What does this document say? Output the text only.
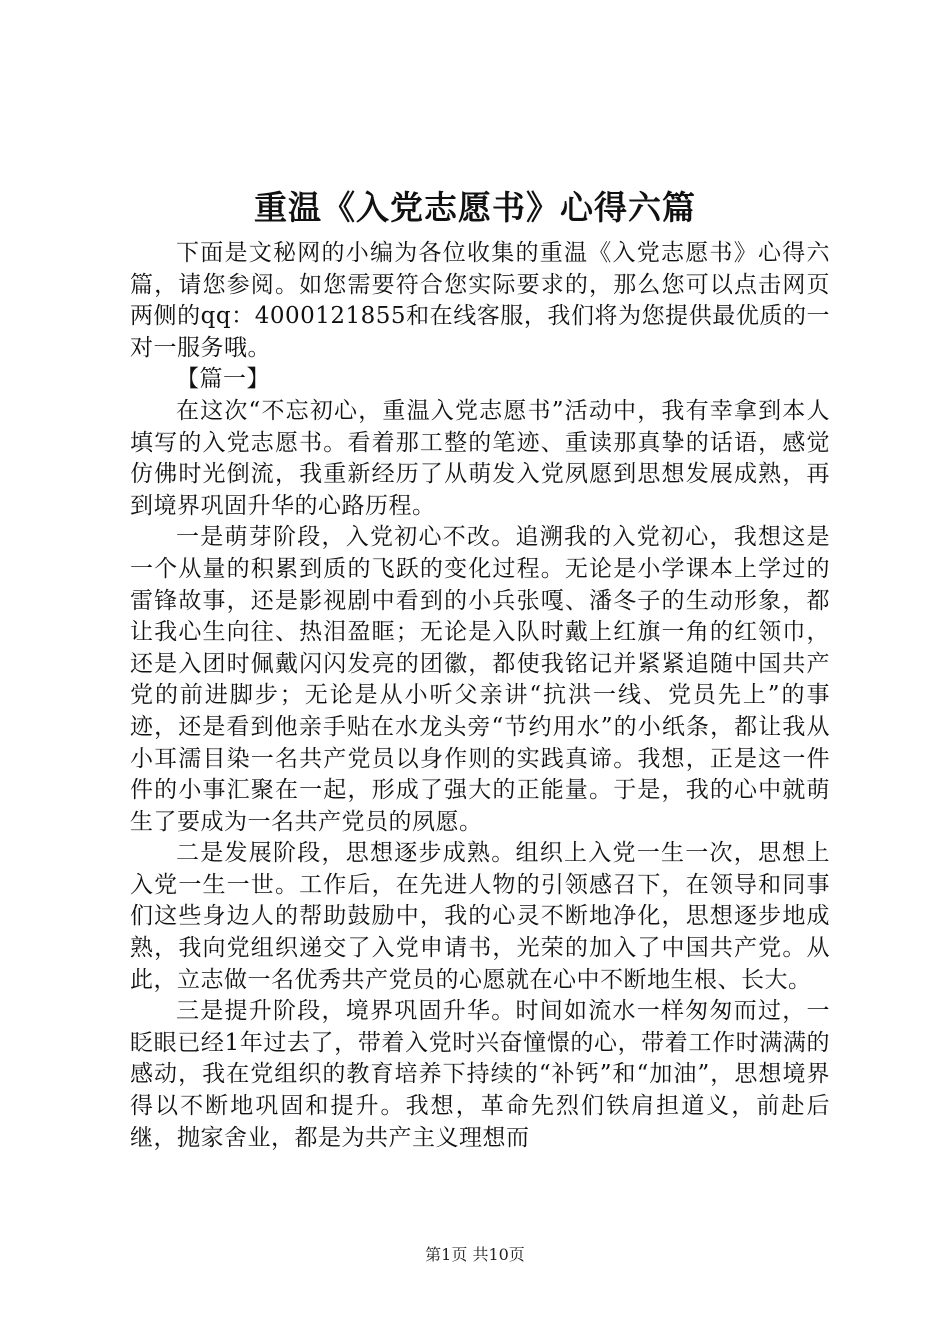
重温《入党志愿书》心得六篇

下面是文秘网的小编为各位收集的重温《入党志愿书》心得六篇，请您参阅。如您需要符合您实际要求的，那么您可以点击网页两侧的qq：4000121855和在线客服，我们将为您提供最优质的一对一服务哦。

【篇一】

在这次“不忘初心，重温入党志愿书”活动中，我有幸拿到本人填写的入党志愿书。看着那工整的笔迹、重读那真挚的话语，感觉仿佛时光倒流，我重新经历了从萌发入党夙愿到思想发展成熟，再到境界巩固升华的心路历程。

一是萌芽阶段，入党初心不改。追溯我的入党初心，我想这是一个从量的积累到质的飞跃的变化过程。无论是小学课本上学过的雷锋故事，还是影视剧中看到的小兵张嘎、潘冬子的生动形象，都让我心生向往、热泪盈眶；无论是入队时戴上红旗一角的红领巾，还是入团时佩戴闪闪发亮的团徽，都使我铭记并紧紧追随中国共产党的前进脚步；无论是从小听父亲讲“抗洪一线、党员先上”的事迹，还是看到他亲手贴在水龙头旁“节约用水”的小纸条，都让我从小耳濡目染一名共产党员以身作则的实践真谛。我想，正是这一件件的小事汇聚在一起，形成了强大的正能量。于是，我的心中就萌生了要成为一名共产党员的夙愿。

二是发展阶段，思想逐步成熟。组织上入党一生一次，思想上入党一生一世。工作后，在先进人物的引领感召下，在领导和同事们这些身边人的帮助鼓励中，我的心灵不断地净化，思想逐步地成熟，我向党组织递交了入党申请书，光荣的加入了中国共产党。从此，立志做一名优秀共产党员的心愿就在心中不断地生根、长大。

三是提升阶段，境界巩固升华。时间如流水一样匆匆而过，一眨眼已经1年过去了，带着入党时兴奋憧憬的心，带着工作时满满的感动，我在党组织的教育培养下持续的“补钙”和“加油”，思想境界得以不断地巩固和提升。我想，革命先烈们铁肩担道义，前赴后继，抛家舍业，都是为共产主义理想而

第1页 共10页
